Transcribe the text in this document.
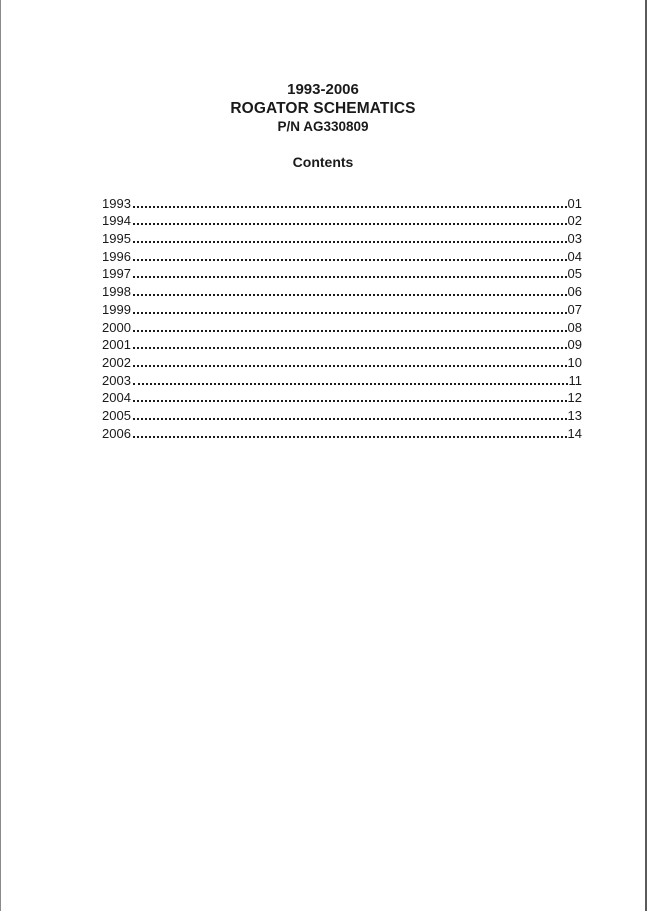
1993-2006
ROGATOR SCHEMATICS
P/N AG330809
Contents
1993	01
1994	02
1995	03
1996	04
1997	05
1998	06
1999	07
2000	08
2001	09
2002	10
2003	11
2004	12
2005	13
2006	14
